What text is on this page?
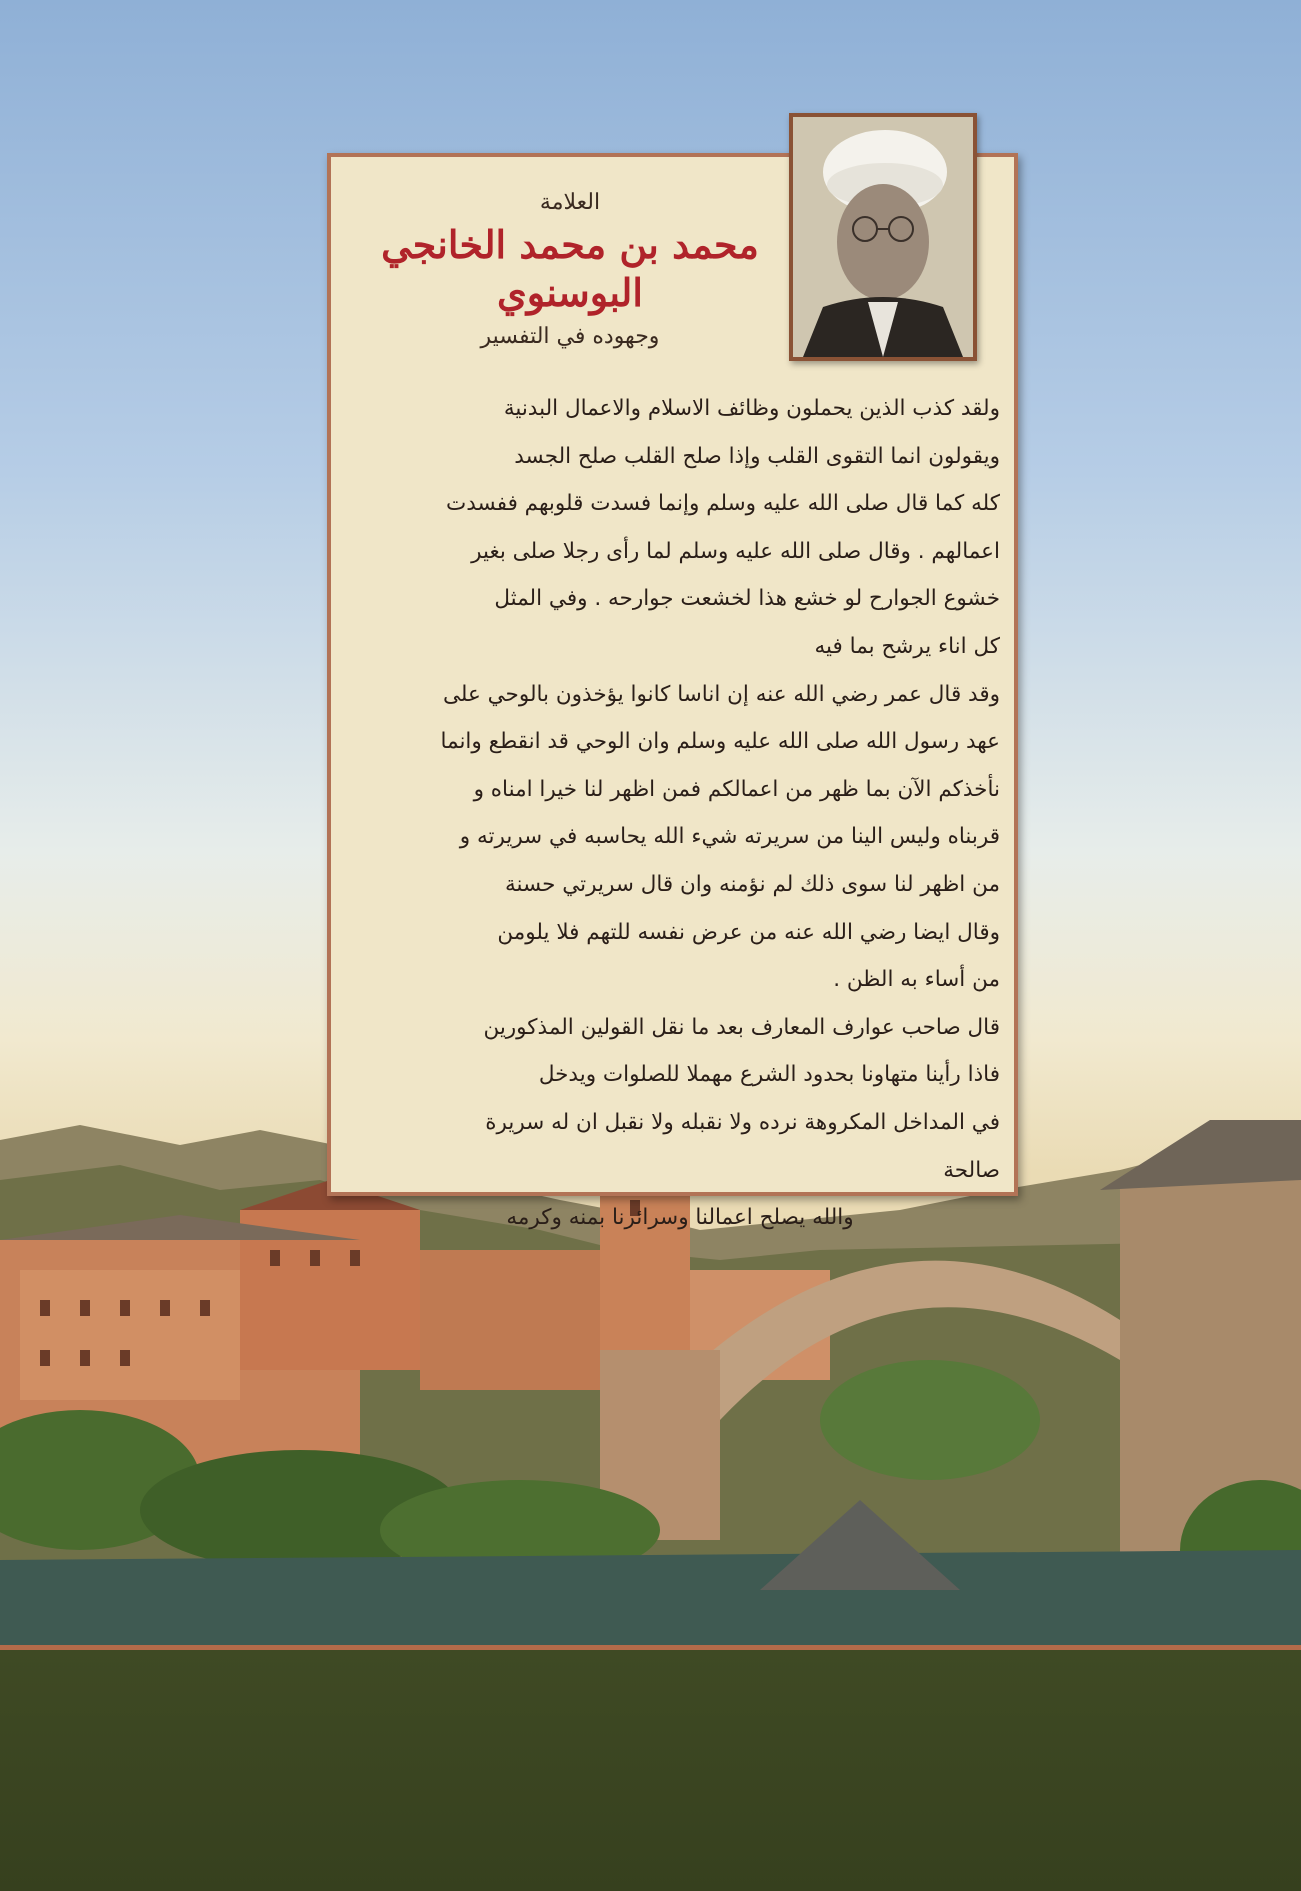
العلامة
محمد بن محمد الخانجي البوسنوي
وجهوده في التفسير
ولقد كذب الذين يحملون وظائف الاسلام والاعمال البدنية
ويقولون انما التقوى القلب وإذا صلح القلب صلح الجسد
كله كما قال صلى الله عليه وسلم وإنما فسدت قلوبهم ففسدت
اعمالهم . وقال صلى الله عليه وسلم لما رأى رجلا صلى بغير
خشوع الجوارح لو خشع هذا لخشعت جوارحه . وفي المثل
كل اناء يرشح بما فيه
وقد قال عمر رضي الله عنه إن اناسا كانوا يؤخذون بالوحي على
عهد رسول الله صلى الله عليه وسلم وان الوحي قد انقطع وانما
نأخذكم الآن بما ظهر من اعمالكم فمن اظهر لنا خيرا امناه و
قربناه وليس الينا من سريرته شيء الله يحاسبه في سريرته و
من اظهر لنا سوى ذلك لم نؤمنه وان قال سريرتي حسنة
وقال ايضا رضي الله عنه من عرض نفسه للتهم فلا يلومن
من أساء به الظن .
قال صاحب عوارف المعارف بعد ما نقل القولين المذكورين
فاذا رأينا متهاونا بحدود الشرع مهملا للصلوات ويدخل
في المداخل المكروهة نرده ولا نقبله ولا نقبل ان له سريرة
صالحة
والله يصلح اعمالنا وسرائرنا بمنه وكرمه
